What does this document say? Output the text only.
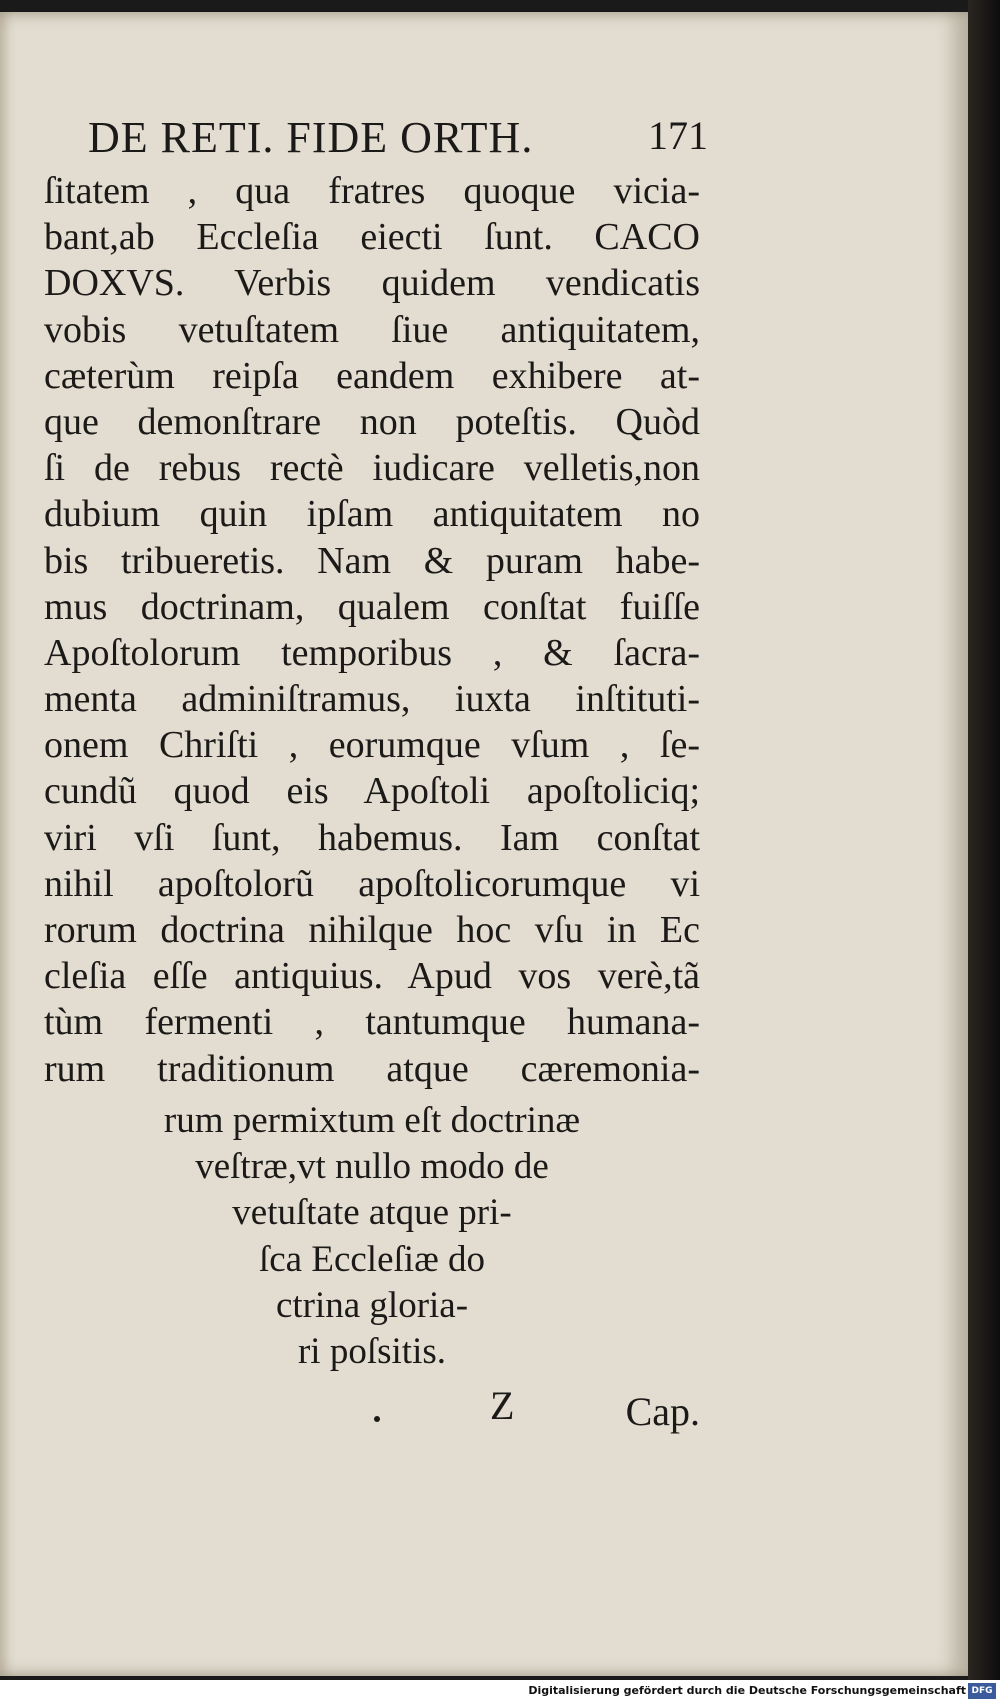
DE RETI. FIDE ORTH.	171
ſitatem , qua fratres quoque vicia-
bant,ab Eccleſia eiecti ſunt. CACO
DOXVS. Verbis quidem vendicatis
vobis vetuſtatem ſiue antiquitatem,
cæterùm reipſa eandem exhibere at-
que demonſtrare non poteſtis. Quòd
ſi de rebus rectè iudicare velletis,non
dubium quin ipſam antiquitatem no
bis tribueretis. Nam & puram habe-
mus doctrinam, qualem conſtat fuiſſe
Apoſtolorum temporibus , & ſacra-
menta adminiſtramus, iuxta inſtituti-
onem Chriſti , eorumque vſum , ſe-
cundũ quod eis Apoſtoli apoſtoliciq;
viri vſi ſunt, habemus. Iam conſtat
nihil apoſtolorũ apoſtolicorumque vi
rorum doctrina nihilque hoc vſu in Ec
cleſia eſſe antiquius. Apud vos verè,tã
tùm fermenti , tantumque humana-
rum traditionum atque cæremonia-
rum permixtum eſt doctrinæ
veſtræ,vt nullo modo de
vetuſtate atque pri-
ſca Eccleſiæ do
ctrina gloria-
ri poſsitis.
Z	Cap.
Digitalisierung gefördert durch die Deutsche Forschungsgemeinschaft DFG
